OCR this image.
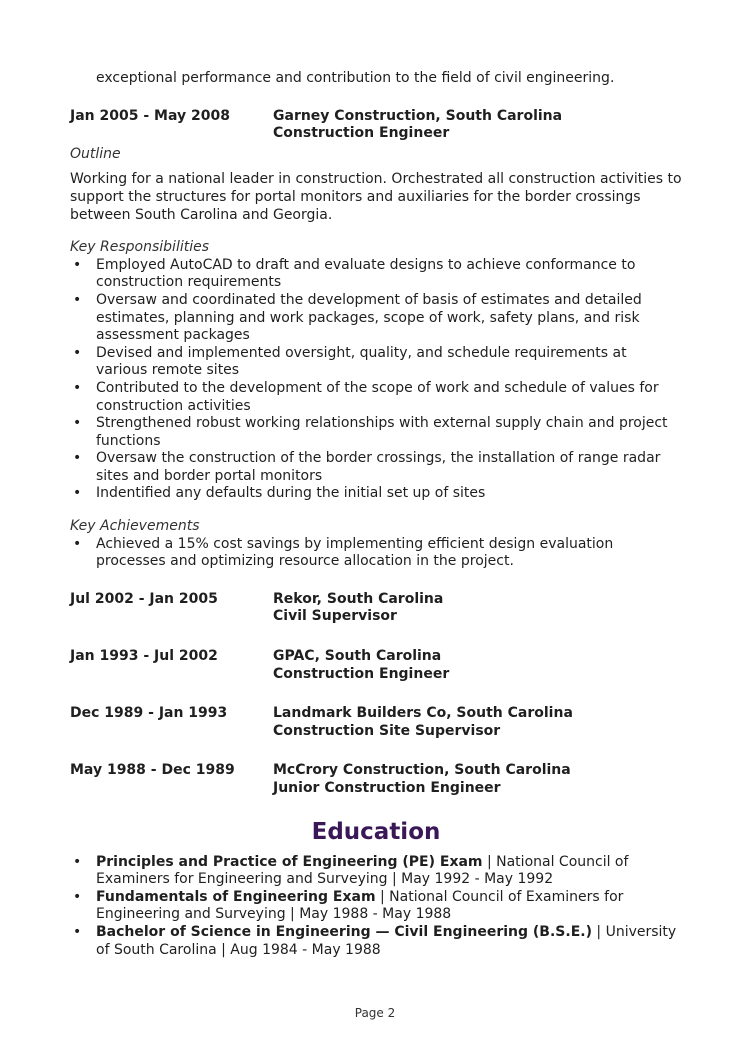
exceptional performance and contribution to the field of civil engineering.

Jan 2005 - May 2008	Garney Construction, South Carolina
Construction Engineer

Outline

Working for a national leader in construction. Orchestrated all construction activities to support the structures for portal monitors and auxiliaries for the border crossings between South Carolina and Georgia.

Key Responsibilities

• Employed AutoCAD to draft and evaluate designs to achieve conformance to construction requirements
• Oversaw and coordinated the development of basis of estimates and detailed estimates, planning and work packages, scope of work, safety plans, and risk assessment packages
• Devised and implemented oversight, quality, and schedule requirements at various remote sites
• Contributed to the development of the scope of work and schedule of values for construction activities
• Strengthened robust working relationships with external supply chain and project functions
• Oversaw the construction of the border crossings, the installation of range radar sites and border portal monitors
• Indentified any defaults during the initial set up of sites

Key Achievements

• Achieved a 15% cost savings by implementing efficient design evaluation processes and optimizing resource allocation in the project.
Jul 2002 - Jan 2005	Rekor, South Carolina
Civil Supervisor
Jan 1993 - Jul 2002	GPAC, South Carolina
Construction Engineer
Dec 1989 - Jan 1993	Landmark Builders Co, South Carolina
Construction Site Supervisor
May 1988 - Dec 1989	McCrory Construction, South Carolina
Junior Construction Engineer
Education
• Principles and Practice of Engineering (PE) Exam | National Council of Examiners for Engineering and Surveying | May 1992 - May 1992
• Fundamentals of Engineering Exam | National Council of Examiners for Engineering and Surveying | May 1988 - May 1988
• Bachelor of Science in Engineering — Civil Engineering (B.S.E.) | University of South Carolina | Aug 1984 - May 1988
Page 2
